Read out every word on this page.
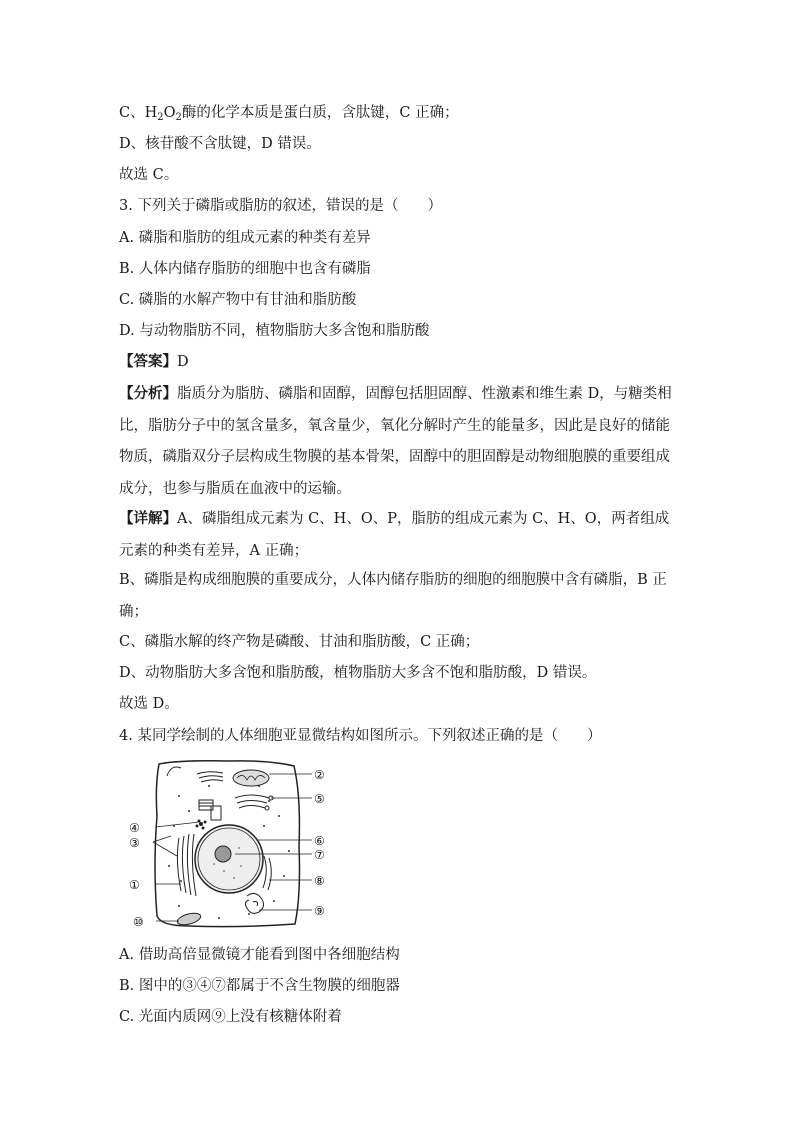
C、$H_2O_2$酶的化学本质是蛋白质，含肽键，C 正确；
D、核苷酸不含肽键，D 错误。
故选 C。
3. 下列关于磷脂或脂肪的叙述，错误的是（　　）
A. 磷脂和脂肪的组成元素的种类有差异
B. 人体内储存脂肪的细胞中也含有磷脂
C. 磷脂的水解产物中有甘油和脂肪酸
D. 与动物脂肪不同，植物脂肪大多含饱和脂肪酸
【答案】D
【分析】脂质分为脂肪、磷脂和固醇，固醇包括胆固醇、性激素和维生素 D，与糖类相比，脂肪分子中的氢含量多，氧含量少，氧化分解时产生的能量多，因此是良好的储能物质，磷脂双分子层构成生物膜的基本骨架，固醇中的胆固醇是动物细胞膜的重要组成成分，也参与脂质在血液中的运输。
【详解】A、磷脂组成元素为 C、H、O、P，脂肪的组成元素为 C、H、O，两者组成元素的种类有差异，A 正确；
B、磷脂是构成细胞膜的重要成分，人体内储存脂肪的细胞的细胞膜中含有磷脂，B 正确；
C、磷脂水解的终产物是磷酸、甘油和脂肪酸，C 正确；
D、动物脂肪大多含饱和脂肪酸，植物脂肪大多含不饱和脂肪酸，D 错误。
故选 D。
4. 某同学绘制的人体细胞亚显微结构如图所示。下列叙述正确的是（　　）
②
⑤
④
③	⑥
⑦
①	⑧
⑨
⑩
A. 借助高倍显微镜才能看到图中各细胞结构
B. 图中的③④⑦都属于不含生物膜的细胞器
C. 光面内质网⑨上没有核糖体附着
